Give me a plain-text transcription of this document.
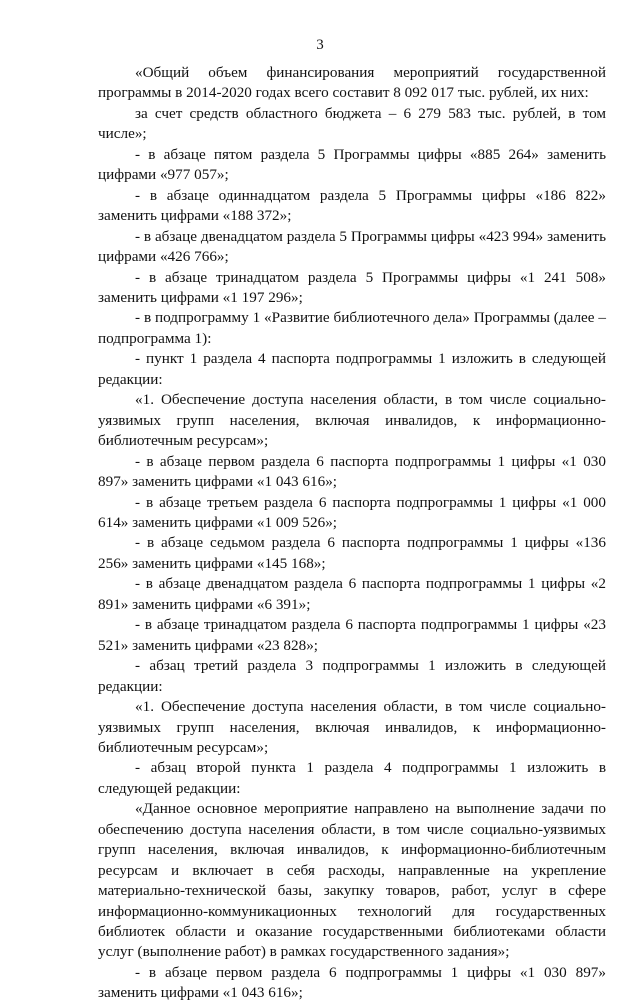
3

«Общий объем финансирования мероприятий государственной программы в 2014-2020 годах всего составит 8 092 017 тыс. рублей, их них:

за счет средств областного бюджета – 6 279 583 тыс. рублей, в том числе»;

- в абзаце пятом раздела 5 Программы цифры «885 264» заменить цифрами «977 057»;

- в абзаце одиннадцатом раздела 5 Программы цифры «186 822» заменить цифрами «188 372»;

- в абзаце двенадцатом раздела 5 Программы цифры «423 994» заменить цифрами «426 766»;

- в абзаце тринадцатом раздела 5 Программы цифры «1 241 508» заменить цифрами «1 197 296»;

- в подпрограмму 1 «Развитие библиотечного дела» Программы (далее – подпрограмма 1):

- пункт 1 раздела 4 паспорта подпрограммы 1 изложить в следующей редакции:

«1. Обеспечение доступа населения области, в том числе социально-уязвимых групп населения, включая инвалидов, к информационно-библиотечным ресурсам»;

- в абзаце первом раздела 6 паспорта подпрограммы 1 цифры «1 030 897» заменить цифрами «1 043 616»;

- в абзаце третьем раздела 6 паспорта подпрограммы 1 цифры «1 000 614» заменить цифрами «1 009 526»;

- в абзаце седьмом раздела 6 паспорта подпрограммы 1 цифры «136 256» заменить цифрами «145 168»;

- в абзаце двенадцатом раздела 6 паспорта подпрограммы 1 цифры «2 891» заменить цифрами «6 391»;

- в абзаце тринадцатом раздела 6 паспорта подпрограммы 1 цифры «23 521» заменить цифрами «23 828»;

- абзац третий раздела 3 подпрограммы 1 изложить в следующей редакции:

«1. Обеспечение доступа населения области, в том числе социально-уязвимых групп населения, включая инвалидов, к информационно-библиотечным ресурсам»;

- абзац второй пункта 1 раздела 4 подпрограммы 1 изложить в следующей редакции:

«Данное основное мероприятие направлено на выполнение задачи по обеспечению доступа населения области, в том числе социально-уязвимых групп населения, включая инвалидов, к информационно-библиотечным ресурсам и включает в себя расходы, направленные на укрепление материально-технической базы, закупку товаров, работ, услуг в сфере информационно-коммуникационных технологий для государственных библиотек области и оказание государственными библиотеками области услуг (выполнение работ) в рамках государственного задания»;

- в абзаце первом раздела 6 подпрограммы 1 цифры «1 030 897» заменить цифрами «1 043 616»;
